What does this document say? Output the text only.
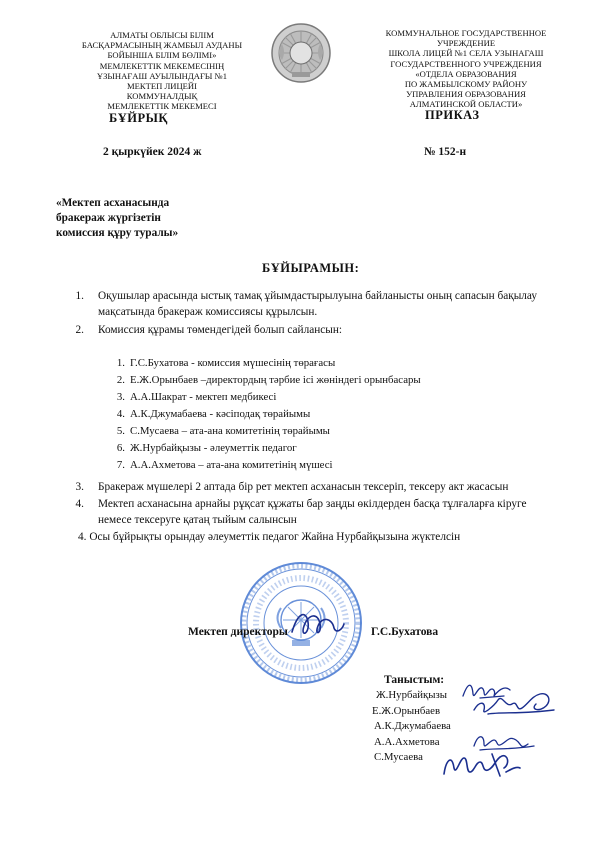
АЛМАТЫ ОБЛЫСЫ БІЛІМ
БАСҚАРМАСЫНЫҢ ЖАМБЫЛ АУДАНЫ
БОЙЫНША БІЛІМ БӨЛІМІ»
МЕМЛЕКЕТТІК МЕКЕМЕСІНІҢ
ҰЗЫНАҒАШ АУЫЛЫНДАҒЫ №1
МЕКТЕП ЛИЦЕЙІ
КОММУНАЛДЫҚ
МЕМЛЕКЕТТІК МЕКЕМЕСІ
БҰЙРЫҚ
КОММУНАЛЬНОЕ ГОСУДАРСТВЕННОЕ
УЧРЕЖДЕНИЕ
ШКОЛА ЛИЦЕЙ №1 СЕЛА УЗЫНАГАШ
ГОСУДАРСТВЕННОГО УЧРЕЖДЕНИЯ
«ОТДЕЛА ОБРАЗОВАНИЯ
ПО ЖАМБЫЛСКОМУ РАЙОНУ
УПРАВЛЕНИЯ ОБРАЗОВАНИЯ
АЛМАТИНСКОЙ ОБЛАСТИ»
ПРИКАЗ
2 қыркүйек 2024 ж	№ 152-н
«Мектеп асханасында
бракераж жүргізетін
комиссия құру туралы»
БҰЙЫРАМЫН:
1. Оқушылар арасында ыстық тамақ ұйымдастырылуына байланысты оның сапасын бақылау
мақсатында бракераж комиссиясы құрылсын.
2. Комиссия құрамы төмендегідей болып сайлансын:
1. Г.С.Бухатова - комиссия мүшесінің төрағасы
2. Е.Ж.Орынбаев –директордың тәрбие ісі жөніндегі орынбасары
3. А.А.Шакрат - мектеп медбикесі
4. А.К.Джумабаева - кәсіподақ төрайымы
5. С.Мусаева – ата-ана комитетінің төрайымы
6. Ж.Нурбайқызы - әлеуметтік педагог
7. А.А.Ахметова – ата-ана комитетінің мүшесі
3. Бракераж мүшелері 2 аптада бір рет мектеп асханасын тексеріп, тексеру акт жасасын
4. Мектеп асханасына арнайы рұқсат құжаты бар заңды өкілдерден басқа тұлғаларға кіруге
немесе тексеруге қатаң тыйым салынсын
4. Осы бұйрықты орындау әлеуметтік педагог Жайна Нурбайқызына жүктелсін
Мектеп директоры	Г.С.Бухатова
Таныстым:
Ж.Нурбайқызы
Е.Ж.Орынбаев
А.К.Джумабаева
А.А.Ахметова
С.Мусаева
